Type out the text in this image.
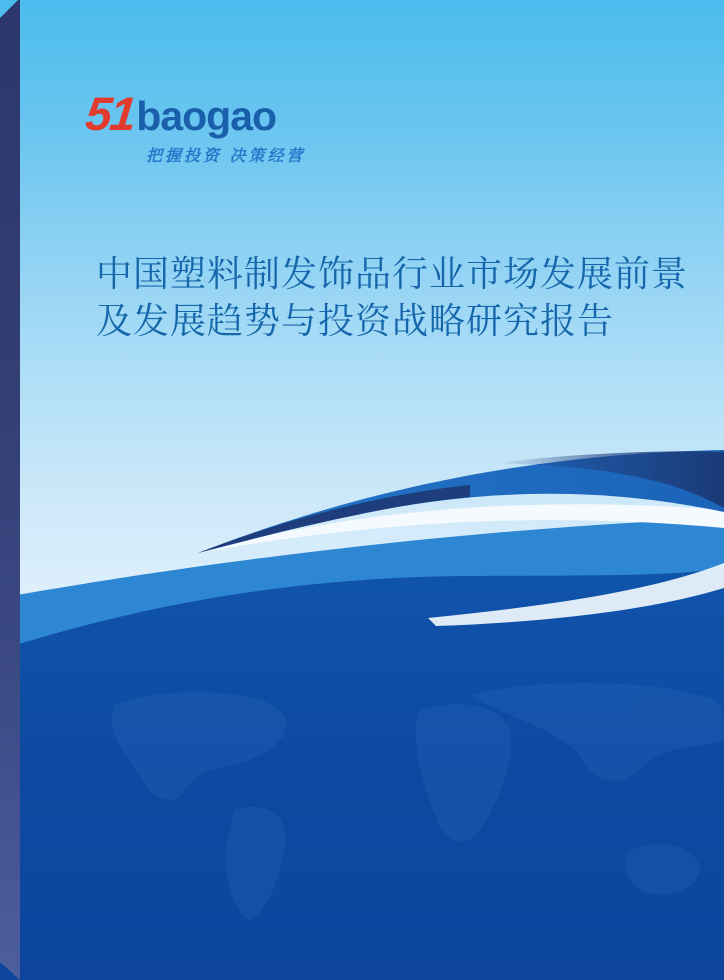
51 baogao
把握投资 决策经营
中国塑料制发饰品行业市场发展前景
及发展趋势与投资战略研究报告
